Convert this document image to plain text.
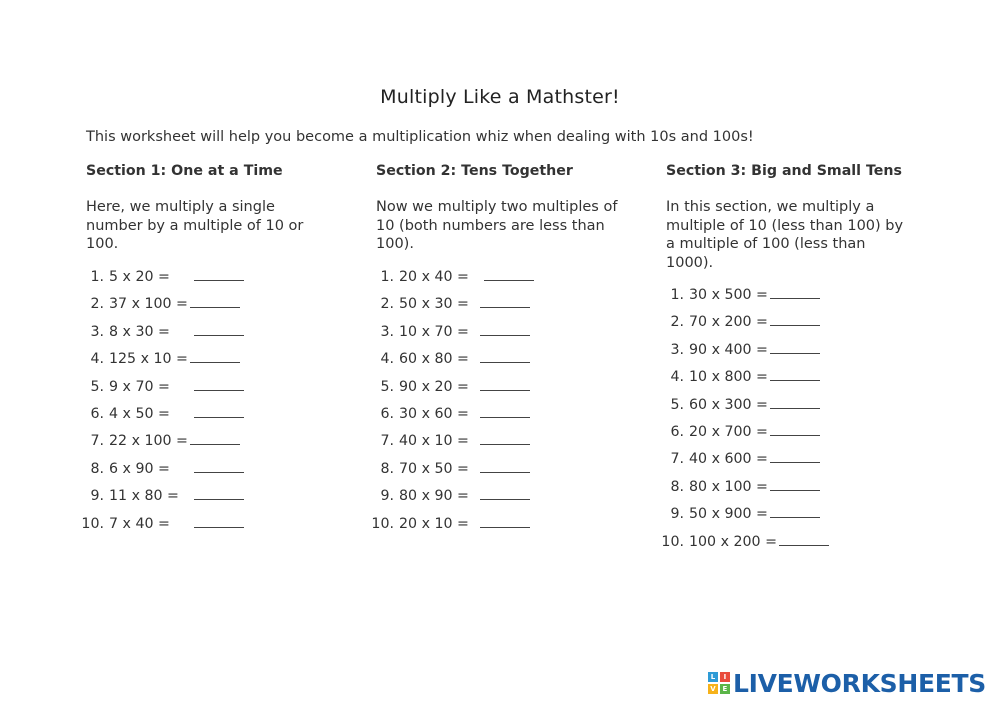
Multiply Like a Mathster!
This worksheet will help you become a multiplication whiz when dealing with 10s and 100s!
Section 1: One at a Time
Here, we multiply a single number by a multiple of 10 or 100.
1. 5 x 20 =
2. 37 x 100 =
3. 8 x 30 =
4. 125 x 10 =
5. 9 x 70 =
6. 4 x 50 =
7. 22 x 100 =
8. 6 x 90 =
9. 11 x 80 =
10. 7 x 40 =
Section 2: Tens Together
Now we multiply two multiples of 10 (both numbers are less than 100).
1. 20 x 40 =
2. 50 x 30 =
3. 10 x 70 =
4. 60 x 80 =
5. 90 x 20 =
6. 30 x 60 =
7. 40 x 10 =
8. 70 x 50 =
9. 80 x 90 =
10. 20 x 10 =
Section 3: Big and Small Tens
In this section, we multiply a multiple of 10 (less than 100) by a multiple of 100 (less than 1000).
1. 30 x 500 =
2. 70 x 200 =
3. 90 x 400 =
4. 10 x 800 =
5. 60 x 300 =
6. 20 x 700 =
7. 40 x 600 =
8. 80 x 100 =
9. 50 x 900 =
10. 100 x 200 =
L	I
V E LIVEWORKSHEETS
